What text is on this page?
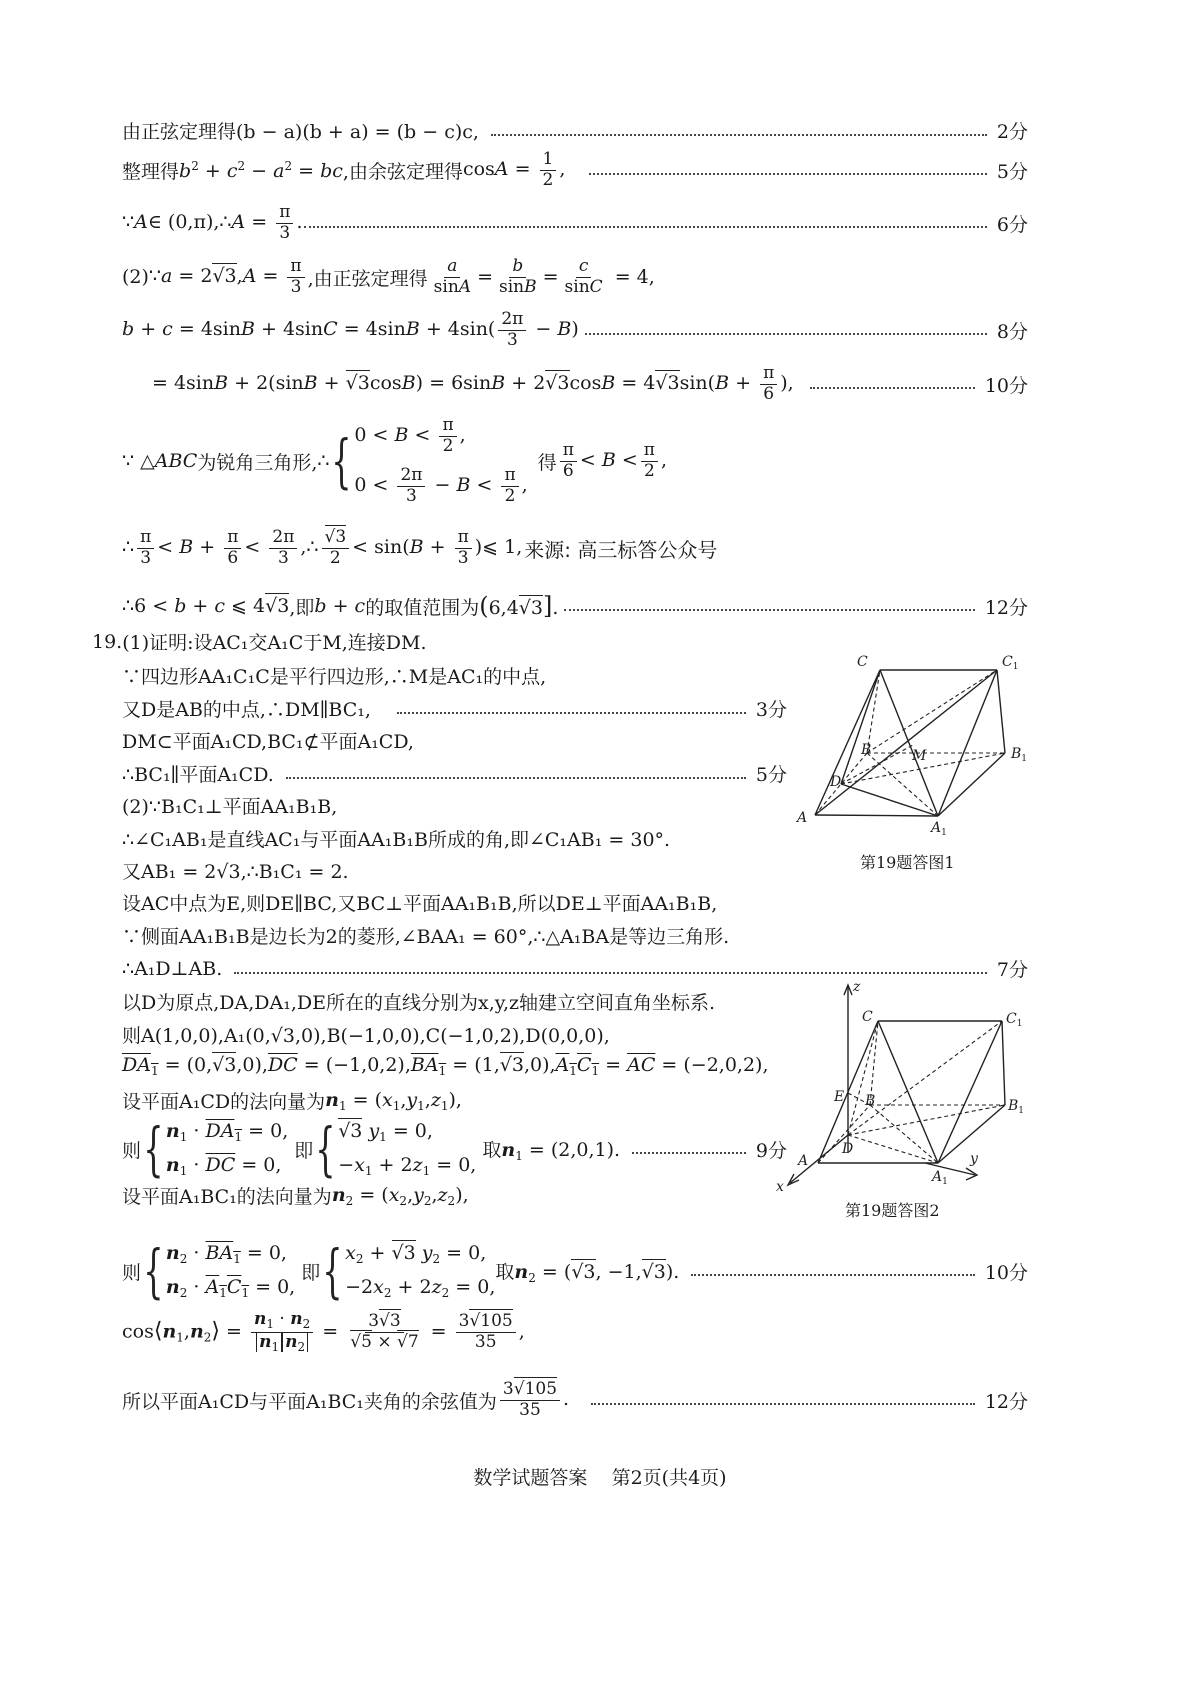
由正弦定理得(b − a)(b + a) = (b − c)c,	2分
整理得 $b^2 + c^2 - a^2$ = bc ,由余弦定理得 $\cos A = \frac{1}{2}$ ,	5分
∵A∈ (0,π),∴A = $\frac{\pi}{3}$ .	6分
(2) ∵a = $2√3,A = \frac{\pi}{3}$ ,由正弦定理得 $\frac{a}{\sin A} = \frac{b}{\sin B} = \frac{c}{\sin C} = 4$,
$b + c = 4\sin B + 4\sin C = 4\sin B + 4\sin( \frac{2\pi}{3} - B)$	8分
= $4\sin B + 2(\sin B + √3\cos B) = 6\sin B + 2√3\cos B = 4√3\sin(B + \frac{\pi}{6}$ ),	10分
∵ △ABC 为锐角三角形, ∴ { $0 < B < \frac{\pi}{2}$ ,
$0 < \frac{2\pi}{3} - B < \frac{\pi}{2}$ ,
得 $\frac{\pi}{6} < B < \frac{\pi}{2}$ ,
∴ $\frac{\pi}{3} < B + \frac{\pi}{6} < \frac{2\pi}{3}$ ,∴ $\frac{√3}{2} < \sin(B + \frac{\pi}{3}$ )⩽ 1, 来源: 高三标答公众号
∴6 < b + c ⩽ 4√3 ,即 b + c 的取值范围为 (6,4√3].	12分
19. (1)证明:设AC₁交A₁C于M,连接DM.
∵四边形AA₁C₁C是平行四边形,∴M是AC₁的中点,
又D是AB的中点,∴DM∥BC₁,	3分
DM⊂平面A₁CD,BC₁⊄平面A₁CD,
∴BC₁∥平面A₁CD.	5分
(2)∵B₁C₁⊥平面AA₁B₁B,
∴∠C₁AB₁是直线AC₁与平面AA₁B₁B所成的角,即∠C₁AB₁ = 30°.
又AB₁ = 2√3,∴B₁C₁ = 2.
设AC中点为E,则DE∥BC,又BC⊥平面AA₁B₁B,所以DE⊥平面AA₁B₁B,
∵侧面AA₁B₁B是边长为2的菱形,∠BAA₁ = 60°,∴△A₁BA是等边三角形.
∴A₁D⊥AB.	7分
以D为原点,DA,DA₁,DE所在的直线分别为x,y,z轴建立空间直角坐标系.
则A(1,0,0),A₁(0,√3,0),B(−1,0,0),C(−1,0,2),D(0,0,0),
$DA_1 = (0,√3,0),\overline{DC} = (-1,0,2),BA_1 = (1,√3,0),A_1C_1 = \overline{AC} = (-2,0,2)$,
设平面A₁CD的法向量为 $n_1 = (x_1,y_1,z_1)$,
则 { $n_1 \cdot DA_1 = 0$,
$n_1 \cdot \overline{DC} = 0$,
即 { √3 $y_1 = 0$,
$-x_1 + 2z_1 = 0$,
取$n_1 = (2,0,1)$.	9分
设平面A₁BC₁的法向量为 $n_2 = (x_2,y_2,z_2)$,
则 { $n_2 \cdot BA_1 = 0$,
$n_2 \cdot A_1C_1 = 0$,
即 { $x_2 + √3$ $y_2 = 0$,
$-2x_2 + 2z_2 = 0$,
取$n_2 = (√3$, −1,√3).	10分
$\cos⟨n_1,n_2⟩ = \frac{n_1 \cdot n_2}{n_1 n_2} = \frac{3√3}{√5 \times √7} = \frac{3√105}{35}$ ,
所以平面A₁CD与平面A₁BC₁夹角的余弦值为 $\frac{3√105}{35}$ .	12分
C	$C_1$
B	M	$B_1$
D
A
$A_1$
第19题答图1
z
C	$C_1$
E B	$B_1$
D
A
x
$A_1$
y
第19题答图2
数学试题答案    第2页(共4页)
